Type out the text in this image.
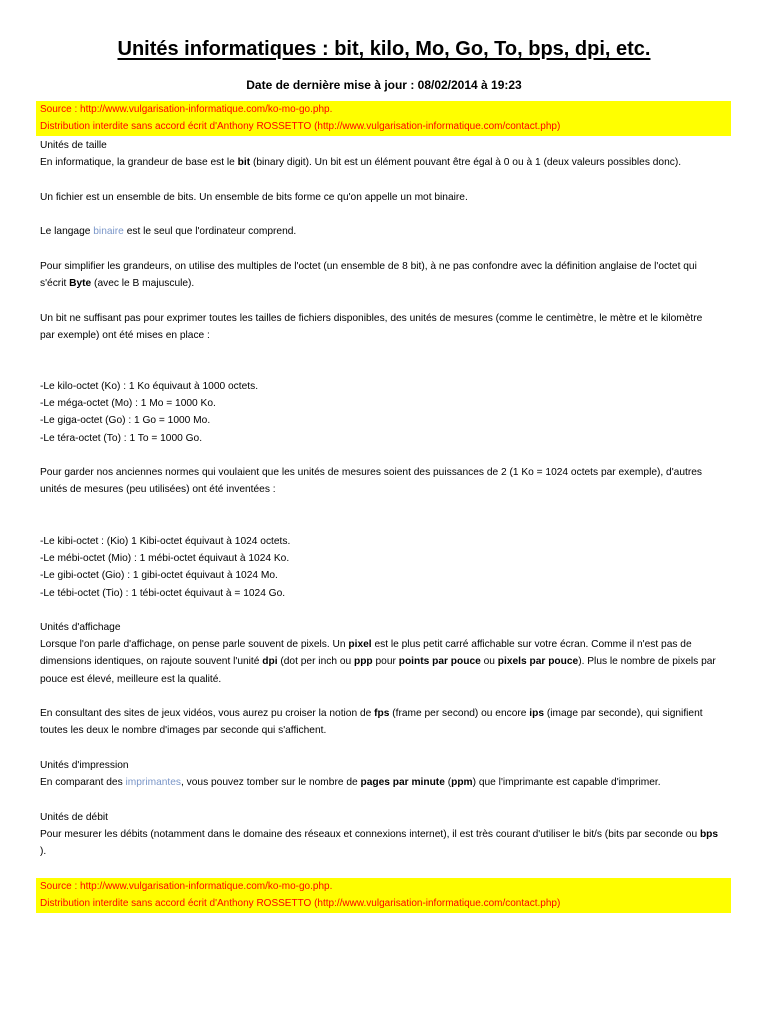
Unités informatiques : bit, kilo, Mo, Go, To, bps, dpi, etc.
Date de dernière mise à jour : 08/02/2014 à 19:23
Source : http://www.vulgarisation-informatique.com/ko-mo-go.php.
Distribution interdite sans accord écrit d'Anthony ROSSETTO (http://www.vulgarisation-informatique.com/contact.php)
Unités de taille
En informatique, la grandeur de base est le bit (binary digit). Un bit est un élément pouvant être égal à 0 ou à 1 (deux valeurs possibles donc).
Un fichier est un ensemble de bits. Un ensemble de bits forme ce qu'on appelle un mot binaire.
Le langage binaire est le seul que l'ordinateur comprend.
Pour simplifier les grandeurs, on utilise des multiples de l'octet (un ensemble de 8 bit), à ne pas confondre avec la définition anglaise de l'octet qui
s'écrit Byte (avec le B majuscule).
Un bit ne suffisant pas pour exprimer toutes les tailles de fichiers disponibles, des unités de mesures (comme le centimètre, le mètre et le kilomètre
par exemple) ont été mises en place :
-Le kilo-octet (Ko) : 1 Ko équivaut à 1000 octets.
-Le méga-octet (Mo) : 1 Mo = 1000 Ko.
-Le giga-octet (Go) : 1 Go = 1000 Mo.
-Le téra-octet (To) : 1 To = 1000 Go.
Pour garder nos anciennes normes qui voulaient que les unités de mesures soient des puissances de 2 (1 Ko = 1024 octets par exemple), d'autres
unités de mesures (peu utilisées) ont été inventées :
-Le kibi-octet : (Kio) 1 Kibi-octet équivaut à 1024 octets.
-Le mébi-octet (Mio) : 1 mébi-octet équivaut à 1024 Ko.
-Le gibi-octet (Gio) : 1 gibi-octet équivaut à 1024 Mo.
-Le tébi-octet (Tio) : 1 tébi-octet équivaut à = 1024 Go.
Unités d'affichage
Lorsque l'on parle d'affichage, on pense parle souvent de pixels. Un pixel est le plus petit carré affichable sur votre écran. Comme il n'est pas de
dimensions identiques, on rajoute souvent l'unité dpi (dot per inch ou ppp pour points par pouce ou pixels par pouce). Plus le nombre de pixels par
pouce est élevé, meilleure est la qualité.
En consultant des sites de jeux vidéos, vous aurez pu croiser la notion de fps (frame per second) ou encore ips (image par seconde), qui signifient
toutes les deux le nombre d'images par seconde qui s'affichent.
Unités d'impression
En comparant des imprimantes, vous pouvez tomber sur le nombre de pages par minute (ppm) que l'imprimante est capable d'imprimer.
Unités de débit
Pour mesurer les débits (notamment dans le domaine des réseaux et connexions internet), il est très courant d'utiliser le bit/s (bits par seconde ou bps
).
Source : http://www.vulgarisation-informatique.com/ko-mo-go.php.
Distribution interdite sans accord écrit d'Anthony ROSSETTO (http://www.vulgarisation-informatique.com/contact.php)
